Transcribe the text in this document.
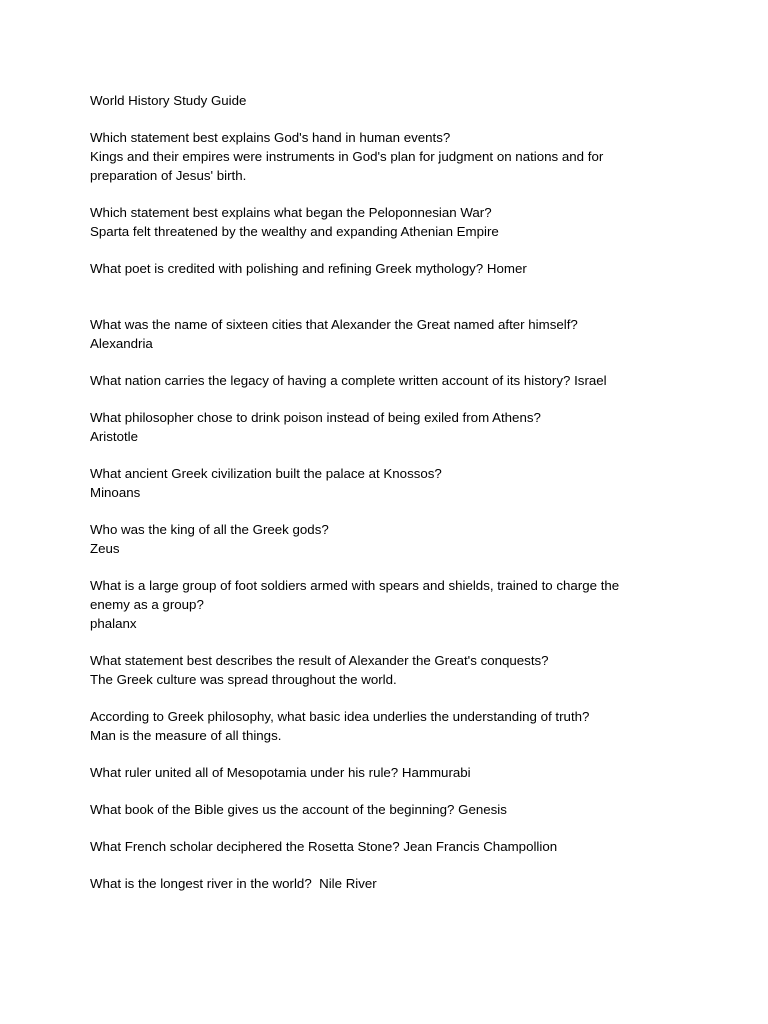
World History Study Guide
Which statement best explains God's hand in human events?
Kings and their empires were instruments in God's plan for judgment on nations and for
preparation of Jesus' birth.
Which statement best explains what began the Peloponnesian War?
Sparta felt threatened by the wealthy and expanding Athenian Empire
What poet is credited with polishing and refining Greek mythology? Homer
What was the name of sixteen cities that Alexander the Great named after himself?
Alexandria
What nation carries the legacy of having a complete written account of its history? Israel
What philosopher chose to drink poison instead of being exiled from Athens?
Aristotle
What ancient Greek civilization built the palace at Knossos?
Minoans
Who was the king of all the Greek gods?
Zeus
What is a large group of foot soldiers armed with spears and shields, trained to charge the
enemy as a group?
phalanx
What statement best describes the result of Alexander the Great's conquests?
The Greek culture was spread throughout the world.
According to Greek philosophy, what basic idea underlies the understanding of truth?
Man is the measure of all things.
What ruler united all of Mesopotamia under his rule? Hammurabi
What book of the Bible gives us the account of the beginning? Genesis
What French scholar deciphered the Rosetta Stone? Jean Francis Champollion
What is the longest river in the world?  Nile River
